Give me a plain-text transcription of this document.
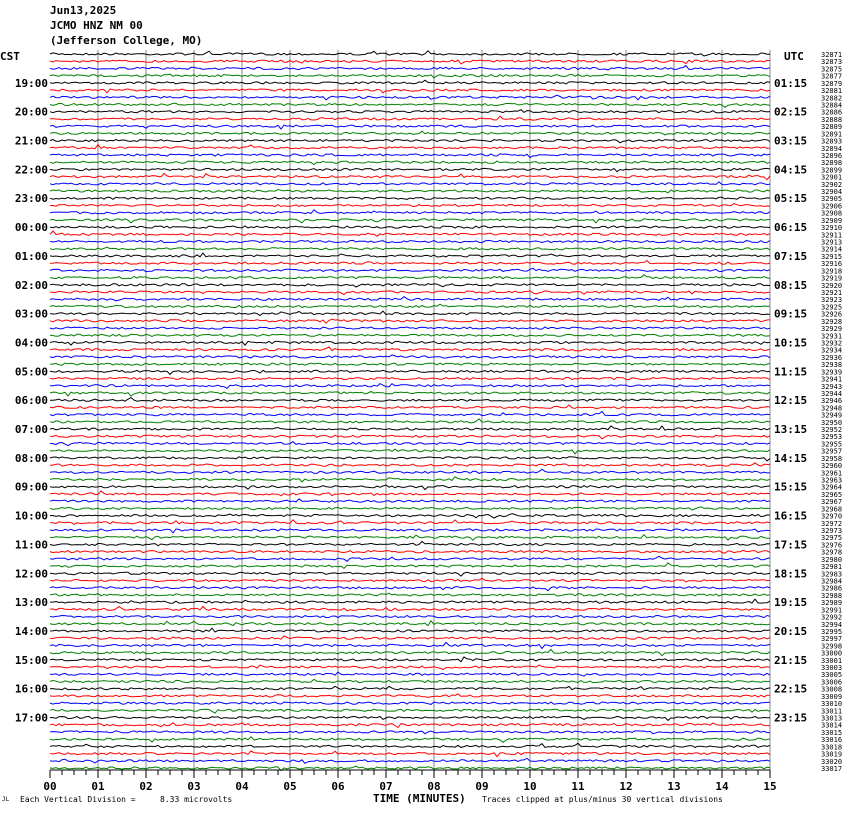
Jun13,2025
JCMO HNZ NM 00
(Jefferson College, MO)
CST	UTC 32871
32873
32875
32877
32879
32881
32882
32884
32886
32888
32889
32891
32893
32894
32896
32898
32899
32901
32902
32904
32905
32906
32908
32909
32910
32911
32913
32914
32915
32916
32918
32919
32920
32921
32923
32925
32926
32928
32929
32931
32932
32934
32936
32938
32939
32941
32943
32944
32946
32948
32949
32950
32952
32953
32955
32957
32958
32960
32961
32963
32964
32965
32967
32968
32970
32972
32973
32975
32976
32978
32980
32981
32983
32984
32986
32988
32989
32991
32992
32994
32995
32997
32998
33000
33001
33003
33005
33006
33008
33009
33010
33011
33013
33014
33015
33016
33018
33019
33020
33017
19:00	01:15
20:00	02:15
21:00	03:15
22:00	04:15
23:00	05:15
00:00	06:15
01:00	07:15
02:00	08:15
03:00	09:15
04:00	10:15
05:00	11:15
06:00	12:15
07:00	13:15
08:00	14:15
09:00	15:15
10:00	16:15
11:00	17:15
12:00	18:15
13:00	19:15
14:00	20:15
15:00	21:15
16:00	22:15
17:00	23:15
00	01	02	03	04	05	06	07	08	09	10	11	12	13	14	15
JL Each Vertical Division =	8.33 microvolts	TIME (MINUTES) Traces clipped at plus/minus 30 vertical divisions
